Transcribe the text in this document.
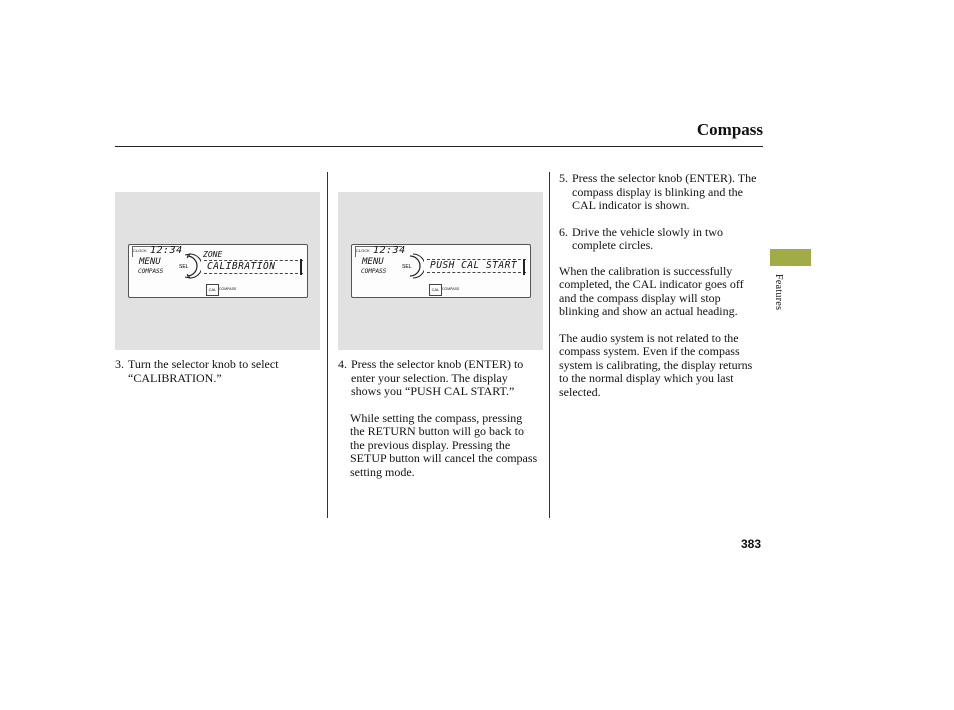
Compass
Features
CLOCK 12:34
MENU
COMPASS
SEL
ZONE
CALIBRATION
CAL COMPASS
CLOCK 12:34
MENU
COMPASS
SEL	PUSH CAL START
CAL COMPASS
3. Turn the selector knob to select “CALIBRATION.”
4. Press the selector knob (ENTER) to enter your selection. The display shows you “PUSH CAL START.”
While setting the compass, pressing the RETURN button will go back to the previous display. Pressing the SETUP button will cancel the compass setting mode.
5. Press the selector knob (ENTER). The compass display is blinking and the CAL indicator is shown.
6. Drive the vehicle slowly in two complete circles.
When the calibration is successfully completed, the CAL indicator goes off and the compass display will stop blinking and show an actual heading.
The audio system is not related to the compass system. Even if the compass system is calibrating, the display returns to the normal display which you last selected.
383
